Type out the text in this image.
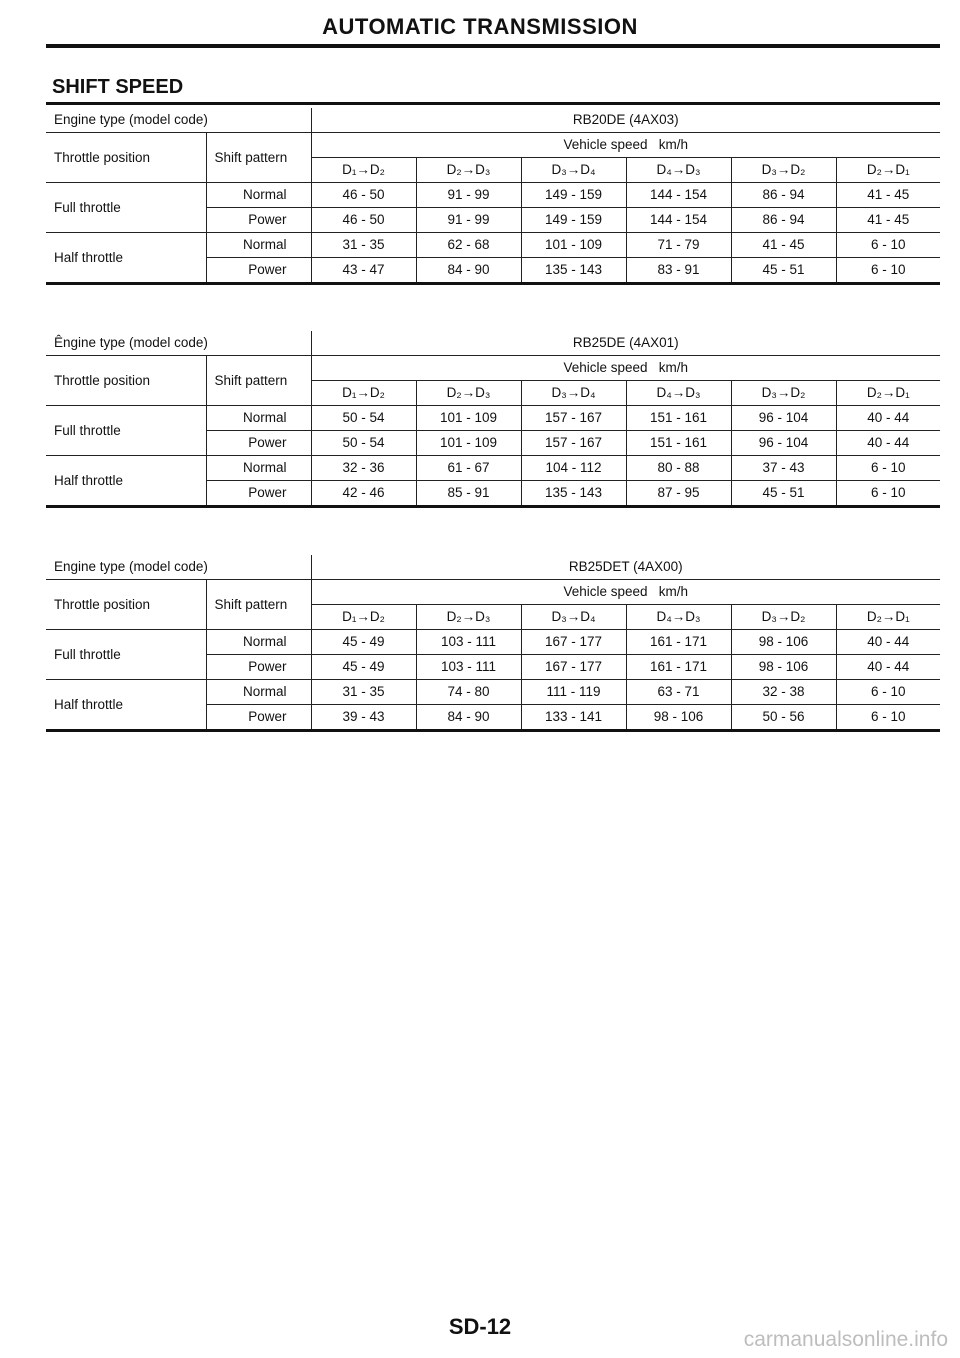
AUTOMATIC TRANSMISSION
SHIFT SPEED
Engine type (model code)		RB20DE (4AX03)					
Throttle position	Shift pattern	Vehicle speed   km/h					
		D₁→D₂	D₂→D₃	D₃→D₄	D₄→D₃	D₃→D₂	D₂→D₁
Full throttle	Normal	46 - 50	91 - 99	149 - 159	144 - 154	86 - 94	41 - 45
	Power	46 - 50	91 - 99	149 - 159	144 - 154	86 - 94	41 - 45
Half throttle	Normal	31 - 35	62 - 68	101 - 109	71 - 79	41 - 45	6 - 10
	Power	43 - 47	84 - 90	135 - 143	83 - 91	45 - 51	6 - 10
Êngine type (model code)		RB25DE (4AX01)					
Throttle position	Shift pattern	Vehicle speed   km/h					
		D₁→D₂	D₂→D₃	D₃→D₄	D₄→D₃	D₃→D₂	D₂→D₁
Full throttle	Normal	50 - 54	101 - 109	157 - 167	151 - 161	96 - 104	40 - 44
	Power	50 - 54	101 - 109	157 - 167	151 - 161	96 - 104	40 - 44
Half throttle	Normal	32 - 36	61 - 67	104 - 112	80 - 88	37 - 43	6 - 10
	Power	42 - 46	85 - 91	135 - 143	87 - 95	45 - 51	6 - 10
Engine type (model code)		RB25DET (4AX00)					
Throttle position	Shift pattern	Vehicle speed   km/h					
		D₁→D₂	D₂→D₃	D₃→D₄	D₄→D₃	D₃→D₂	D₂→D₁
Full throttle	Normal	45 - 49	103 - 111	167 - 177	161 - 171	98 - 106	40 - 44
	Power	45 - 49	103 - 111	167 - 177	161 - 171	98 - 106	40 - 44
Half throttle	Normal	31 - 35	74 - 80	111 - 119	63 - 71	32 - 38	6 - 10
	Power	39 - 43	84 - 90	133 - 141	98 - 106	50 - 56	6 - 10
SD-12
carmanualsonline.info
